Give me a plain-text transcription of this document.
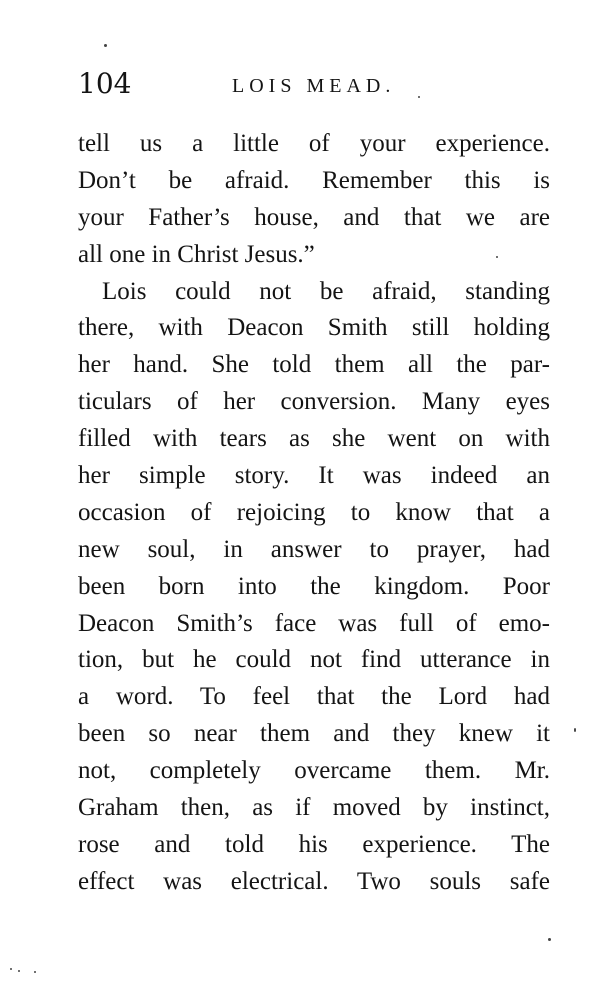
104	LOIS MEAD.
tell us a little of your experience.
Don’t be afraid. Remember this is
your Father’s house, and that we are
all one in Christ Jesus.”
Lois could not be afraid, standing
there, with Deacon Smith still holding
her hand. She told them all the par-
ticulars of her conversion. Many eyes
filled with tears as she went on with
her simple story. It was indeed an
occasion of rejoicing to know that a
new soul, in answer to prayer, had
been born into the kingdom. Poor
Deacon Smith’s face was full of emo-
tion, but he could not find utterance in
a word. To feel that the Lord had
been so near them and they knew it
not, completely overcame them. Mr.
Graham then, as if moved by instinct,
rose and told his experience. The
effect was electrical. Two souls safe
